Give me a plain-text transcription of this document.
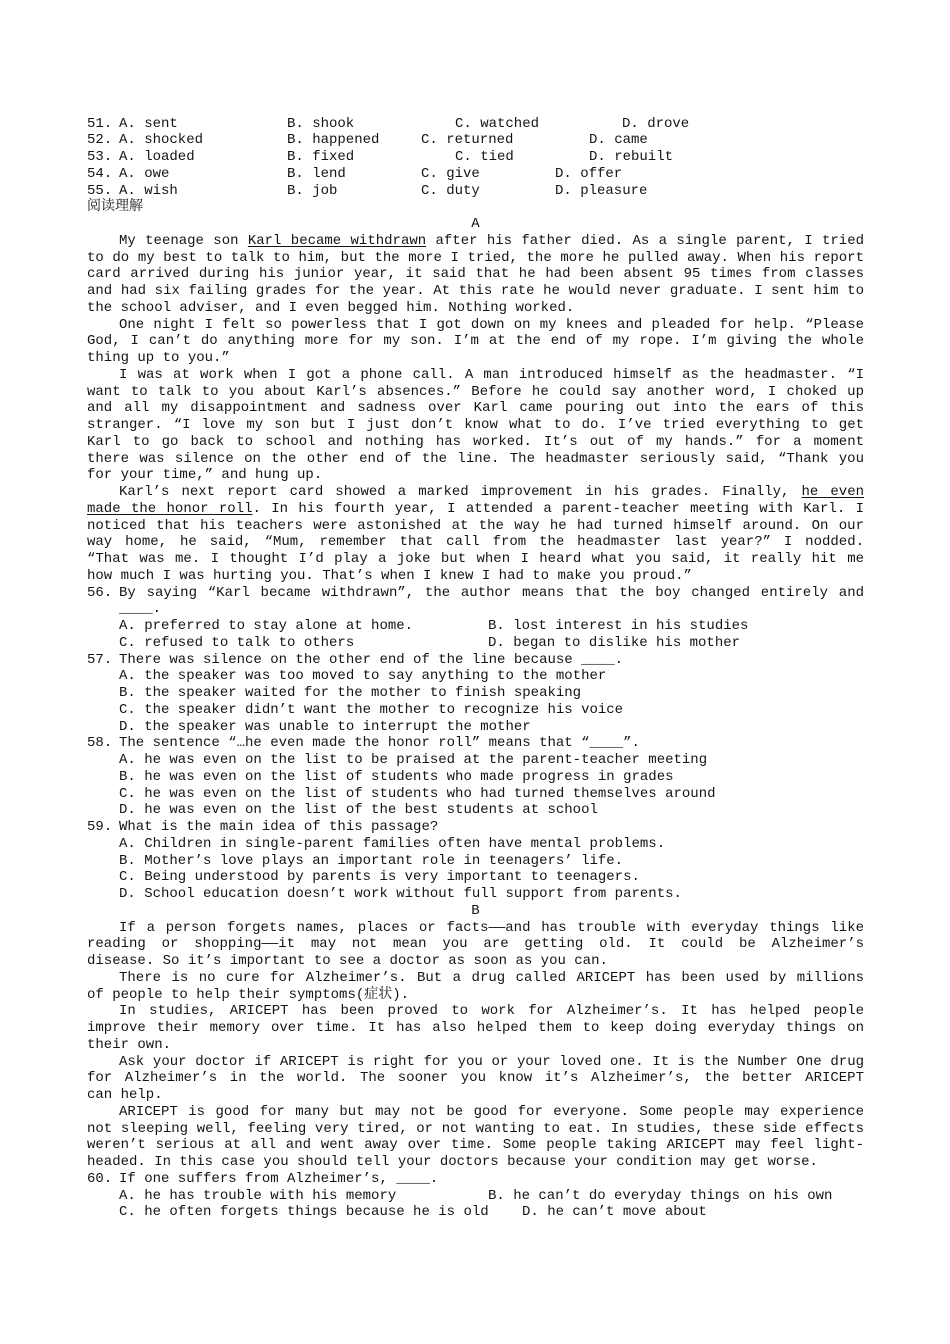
51. A. sent	B. shook	C. watched	D. drove
52. A. shocked	B. happened	C. returned	D. came
53. A. loaded	B. fixed	C. tied	D. rebuilt
54. A. owe	B. lend	C. give	D. offer
55. A. wish	B. job	C. duty	D. pleasure
阅读理解
A
My teenage son Karl became withdrawn after his father died. As a single parent, I tried
to do my best to talk to him, but the more I tried, the more he pulled away. When his report
card arrived during his junior year, it said that he had been absent 95 times from classes
and had six failing grades for the year. At this rate he would never graduate. I sent him to
the school adviser, and I even begged him. Nothing worked.
One night I felt so powerless that I got down on my knees and pleaded for help. “Please
God, I can’t do anything more for my son. I’m at the end of my rope. I’m giving the whole
thing up to you.”
I was at work when I got a phone call. A man introduced himself as the headmaster. “I
want to talk to you about Karl’s absences.” Before he could say another word, I choked up
and all my disappointment and sadness over Karl came pouring out into the ears of this
stranger. “I love my son but I just don’t know what to do. I’ve tried everything to get
Karl to go back to school and nothing has worked. It’s out of my hands.” for a moment
there was silence on the other end of the line. The headmaster seriously said, “Thank you
for your time,” and hung up.
Karl’s next report card showed a marked improvement in his grades. Finally, he even
made the honor roll. In his fourth year, I attended a parent-teacher meeting with Karl. I
noticed that his teachers were astonished at the way he had turned himself around. On our
way home, he said, “Mum, remember that call from the headmaster last year?” I nodded.
“That was me. I thought I’d play a joke but when I heard what you said, it really hit me
how much I was hurting you. That’s when I knew I had to make you proud.”
56. By saying “Karl became withdrawn”, the author means that the boy changed entirely and
____.
A. preferred to stay alone at home.	B. lost interest in his studies
C. refused to talk to others	D. began to dislike his mother
57. There was silence on the other end of the line because ____.
A. the speaker was too moved to say anything to the mother
B. the speaker waited for the mother to finish speaking
C. the speaker didn’t want the mother to recognize his voice
D. the speaker was unable to interrupt the mother
58. The sentence “…he even made the honor roll” means that “____”.
A. he was even on the list to be praised at the parent-teacher meeting
B. he was even on the list of students who made progress in grades
C. he was even on the list of students who had turned themselves around
D. he was even on the list of the best students at school
59. What is the main idea of this passage?
A. Children in single-parent families often have mental problems.
B. Mother’s love plays an important role in teenagers’ life.
C. Being understood by parents is very important to teenagers.
D. School education doesn’t work without full support from parents.
B
If a person forgets names, places or facts——and has trouble with everyday things like
reading or shopping——it may not mean you are getting old. It could be Alzheimer’s
disease. So it’s important to see a doctor as soon as you can.
There is no cure for Alzheimer’s. But a drug called ARICEPT has been used by millions
of people to help their symptoms(症状).
In studies, ARICEPT has been proved to work for Alzheimer’s. It has helped people
improve their memory over time. It has also helped them to keep doing everyday things on
their own.
Ask your doctor if ARICEPT is right for you or your loved one. It is the Number One drug
for Alzheimer’s in the world. The sooner you know it’s Alzheimer’s, the better ARICEPT
can help.
ARICEPT is good for many but may not be good for everyone. Some people may experience
not sleeping well, feeling very tired, or not wanting to eat. In studies, these side effects
weren’t serious at all and went away over time. Some people taking ARICEPT may feel light-
headed. In this case you should tell your doctors because your condition may get worse.
60. If one suffers from Alzheimer’s, ____.
A. he has trouble with his memory	B. he can’t do everyday things on his own
C. he often forgets things because he is old D. he can’t move about
